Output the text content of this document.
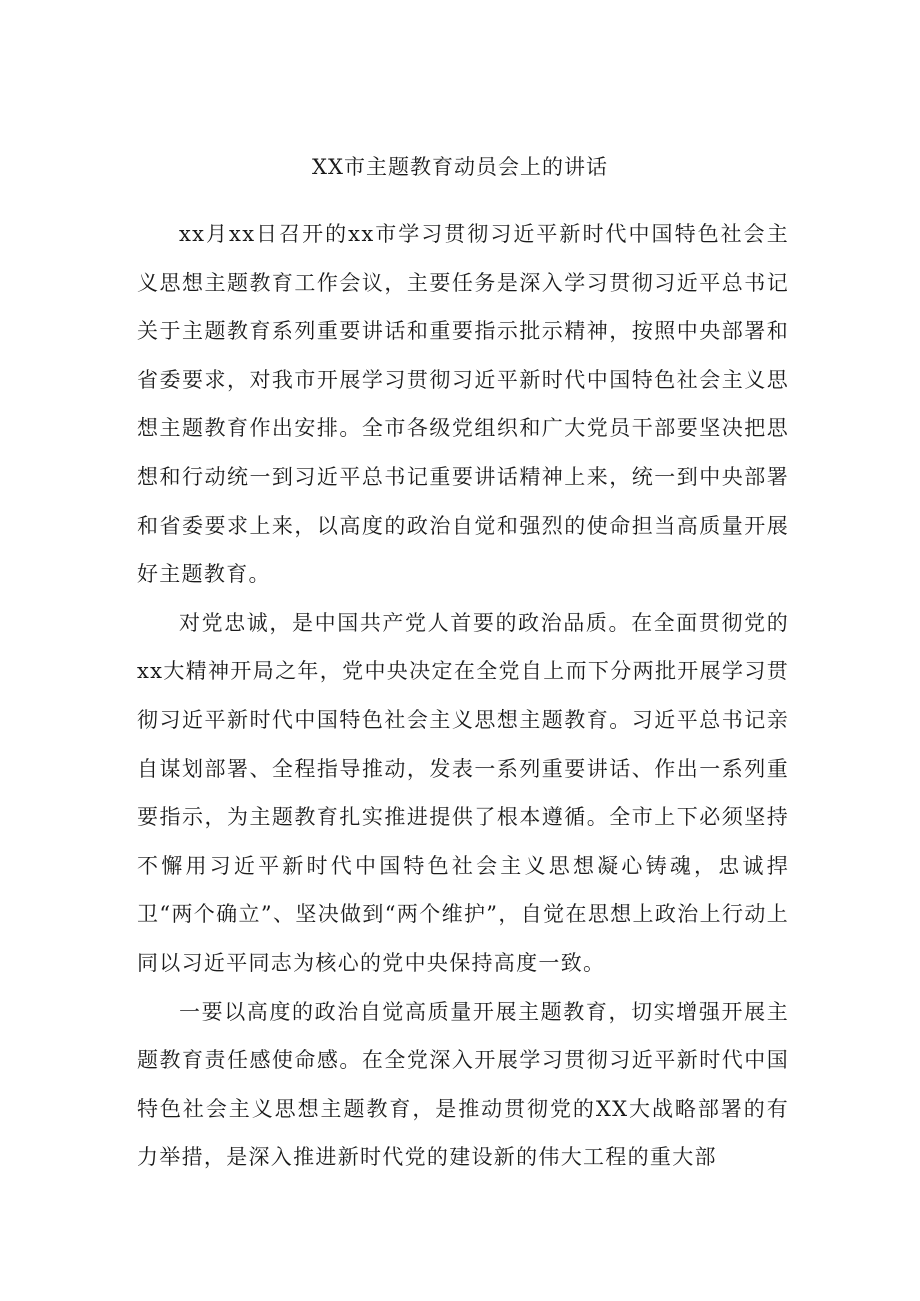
XX市主题教育动员会上的讲话

xx月xx日召开的xx市学习贯彻习近平新时代中国特色社会主义思想主题教育工作会议，主要任务是深入学习贯彻习近平总书记关于主题教育系列重要讲话和重要指示批示精神，按照中央部署和省委要求，对我市开展学习贯彻习近平新时代中国特色社会主义思想主题教育作出安排。全市各级党组织和广大党员干部要坚决把思想和行动统一到习近平总书记重要讲话精神上来，统一到中央部署和省委要求上来，以高度的政治自觉和强烈的使命担当高质量开展好主题教育。

对党忠诚，是中国共产党人首要的政治品质。在全面贯彻党的xx大精神开局之年，党中央决定在全党自上而下分两批开展学习贯彻习近平新时代中国特色社会主义思想主题教育。习近平总书记亲自谋划部署、全程指导推动，发表一系列重要讲话、作出一系列重要指示，为主题教育扎实推进提供了根本遵循。全市上下必须坚持不懈用习近平新时代中国特色社会主义思想凝心铸魂，忠诚捍卫“两个确立”、坚决做到“两个维护”，自觉在思想上政治上行动上同以习近平同志为核心的党中央保持高度一致。

一要以高度的政治自觉高质量开展主题教育，切实增强开展主题教育责任感使命感。在全党深入开展学习贯彻习近平新时代中国特色社会主义思想主题教育，是推动贯彻党的XX大战略部署的有力举措，是深入推进新时代党的建设新的伟大工程的重大部
